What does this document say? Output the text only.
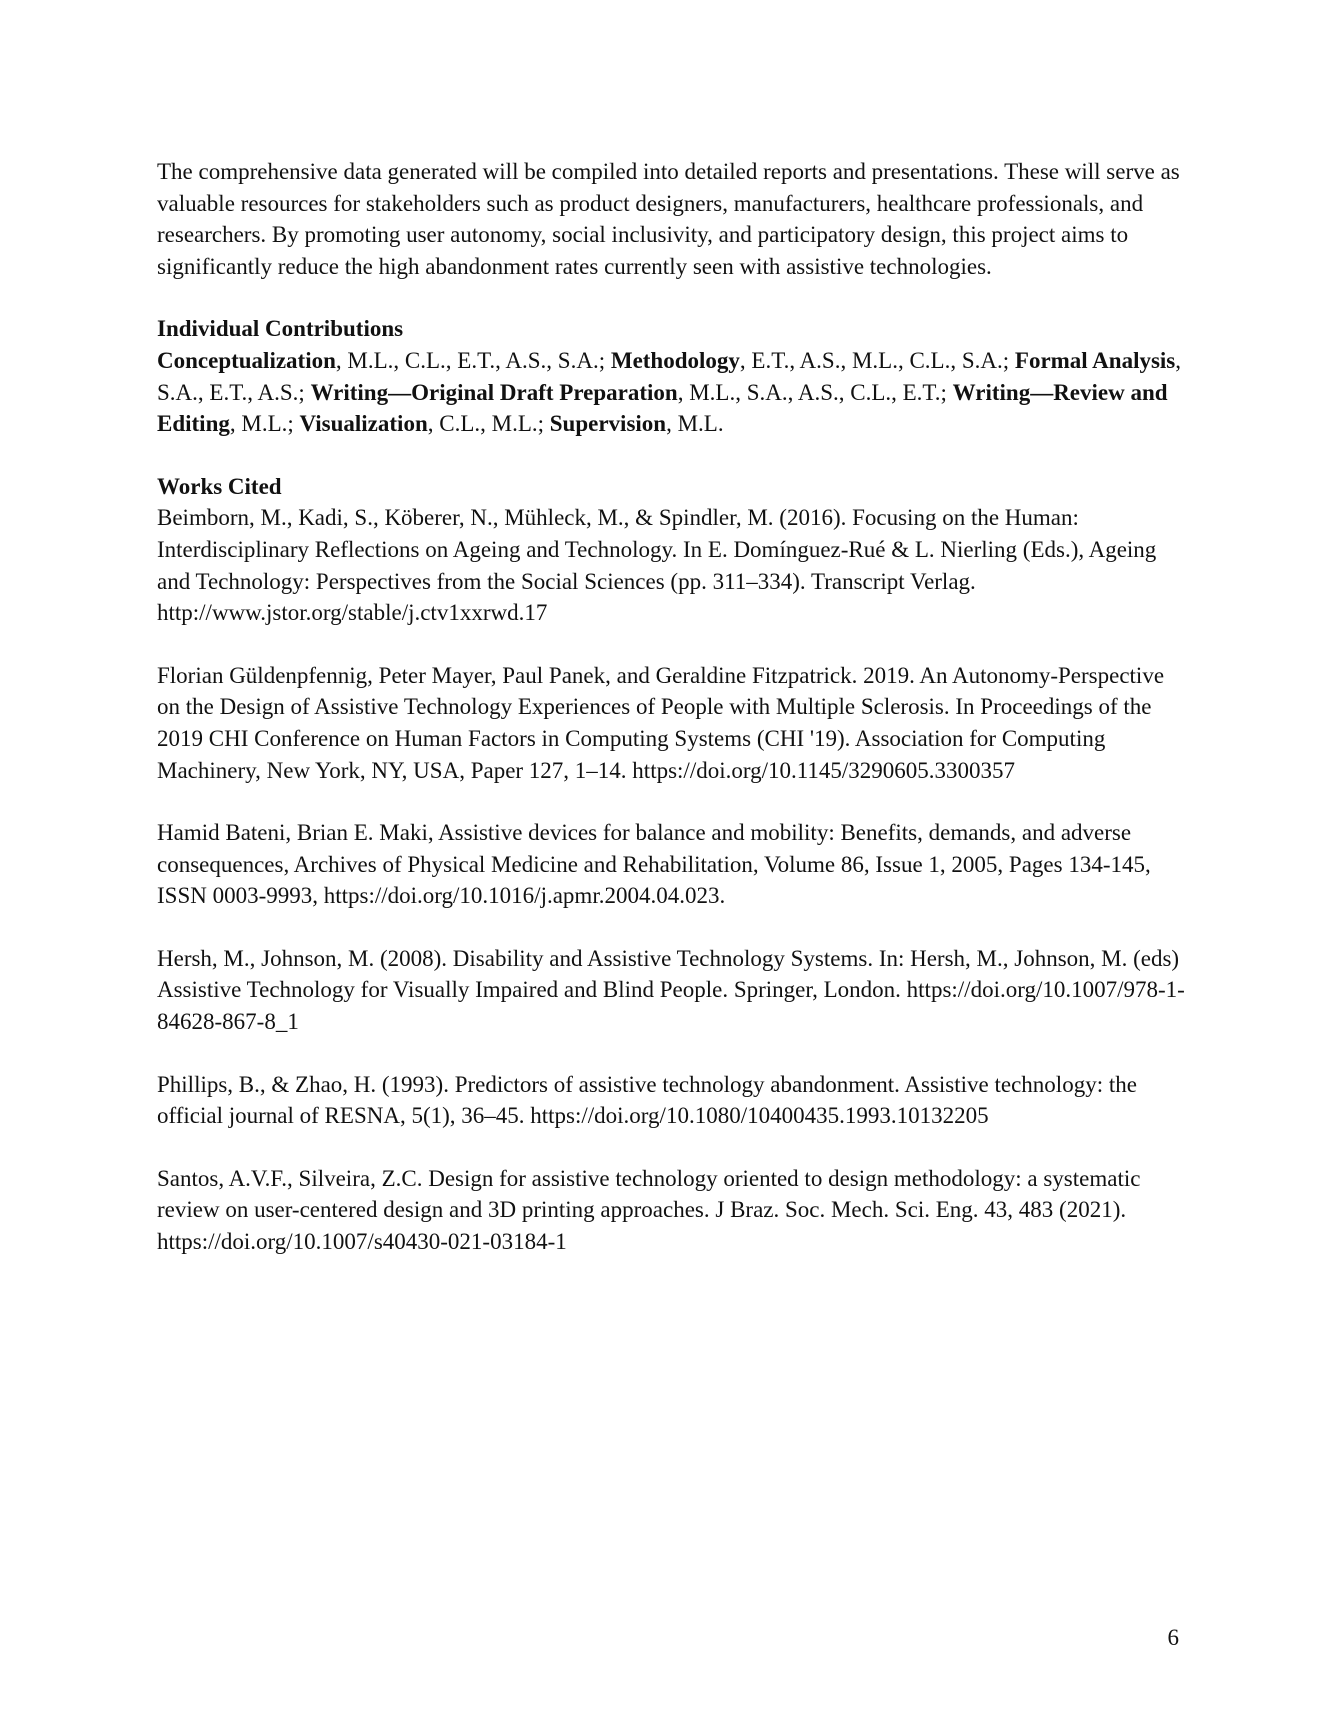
The comprehensive data generated will be compiled into detailed reports and presentations. These will serve as valuable resources for stakeholders such as product designers, manufacturers, healthcare professionals, and researchers. By promoting user autonomy, social inclusivity, and participatory design, this project aims to significantly reduce the high abandonment rates currently seen with assistive technologies.

Individual Contributions

Conceptualization, M.L., C.L., E.T., A.S., S.A.; Methodology, E.T., A.S., M.L., C.L., S.A.; Formal Analysis, S.A., E.T., A.S.; Writing—Original Draft Preparation, M.L., S.A., A.S., C.L., E.T.; Writing—Review and Editing, M.L.; Visualization, C.L., M.L.; Supervision, M.L.

Works Cited

Beimborn, M., Kadi, S., Köberer, N., Mühleck, M., & Spindler, M. (2016). Focusing on the Human: Interdisciplinary Reflections on Ageing and Technology. In E. Domínguez-Rué & L. Nierling (Eds.), Ageing and Technology: Perspectives from the Social Sciences (pp. 311–334). Transcript Verlag. http://www.jstor.org/stable/j.ctv1xxrwd.17

Florian Güldenpfennig, Peter Mayer, Paul Panek, and Geraldine Fitzpatrick. 2019. An Autonomy-Perspective on the Design of Assistive Technology Experiences of People with Multiple Sclerosis. In Proceedings of the 2019 CHI Conference on Human Factors in Computing Systems (CHI '19). Association for Computing Machinery, New York, NY, USA, Paper 127, 1–14. https://doi.org/10.1145/3290605.3300357

Hamid Bateni, Brian E. Maki, Assistive devices for balance and mobility: Benefits, demands, and adverse consequences, Archives of Physical Medicine and Rehabilitation, Volume 86, Issue 1, 2005, Pages 134-145, ISSN 0003-9993, https://doi.org/10.1016/j.apmr.2004.04.023.

Hersh, M., Johnson, M. (2008). Disability and Assistive Technology Systems. In: Hersh, M., Johnson, M. (eds) Assistive Technology for Visually Impaired and Blind People. Springer, London. https://doi.org/10.1007/978-1-84628-867-8_1

Phillips, B., & Zhao, H. (1993). Predictors of assistive technology abandonment. Assistive technology: the official journal of RESNA, 5(1), 36–45. https://doi.org/10.1080/10400435.1993.10132205

Santos, A.V.F., Silveira, Z.C. Design for assistive technology oriented to design methodology: a systematic review on user-centered design and 3D printing approaches. J Braz. Soc. Mech. Sci. Eng. 43, 483 (2021). https://doi.org/10.1007/s40430-021-03184-1

6
